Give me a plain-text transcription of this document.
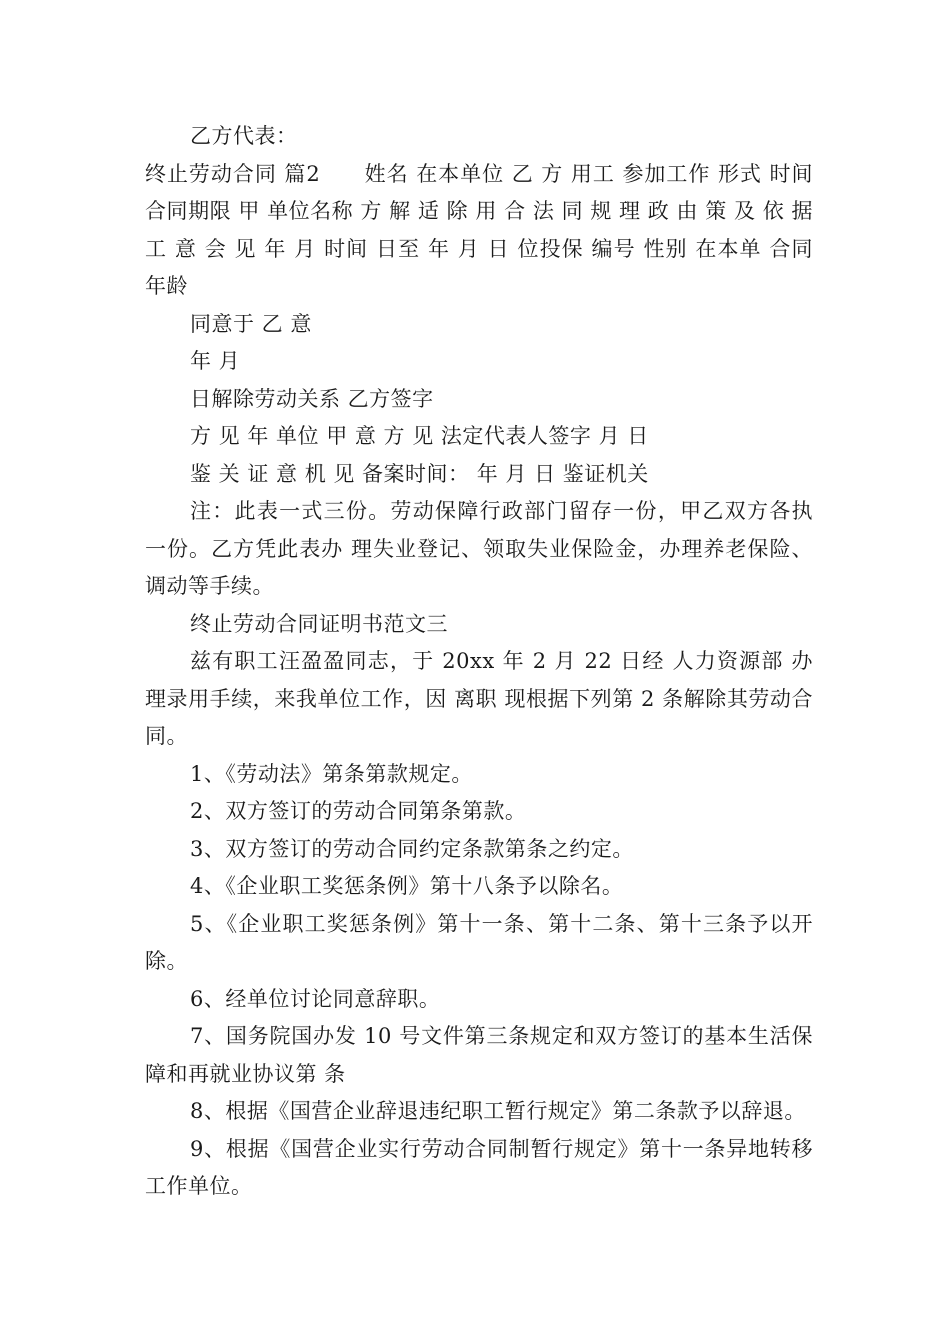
乙方代表：

终止劳动合同 篇2　　姓名 在本单位 乙 方 用工 参加工作 形式 时间 合同期限 甲 单位名称 方 解 适 除 用 合 法 同 规 理 政 由 策 及 依 据 工 意 会 见 年 月 时间 日至 年 月 日 位投保 编号 性别 在本单 合同 年龄

同意于 乙 意

年 月

日解除劳动关系 乙方签字

方 见 年 单位 甲 意 方 见 法定代表人签字 月 日

鉴 关 证 意 机 见 备案时间： 年 月 日 鉴证机关

注：此表一式三份。劳动保障行政部门留存一份，甲乙双方各执一份。乙方凭此表办 理失业登记、领取失业保险金，办理养老保险、调动等手续。

终止劳动合同证明书范文三

兹有职工汪盈盈同志，于 20xx 年 2 月 22 日经 人力资源部 办理录用手续，来我单位工作，因 离职 现根据下列第 2 条解除其劳动合同。

1、《劳动法》第条第款规定。

2、双方签订的劳动合同第条第款。

3、双方签订的劳动合同约定条款第条之约定。

4、《企业职工奖惩条例》第十八条予以除名。

5、《企业职工奖惩条例》第十一条、第十二条、第十三条予以开除。

6、经单位讨论同意辞职。

7、国务院国办发 10 号文件第三条规定和双方签订的基本生活保障和再就业协议第 条

8、根据《国营企业辞退违纪职工暂行规定》第二条款予以辞退。

9、根据《国营企业实行劳动合同制暂行规定》第十一条异地转移工作单位。
